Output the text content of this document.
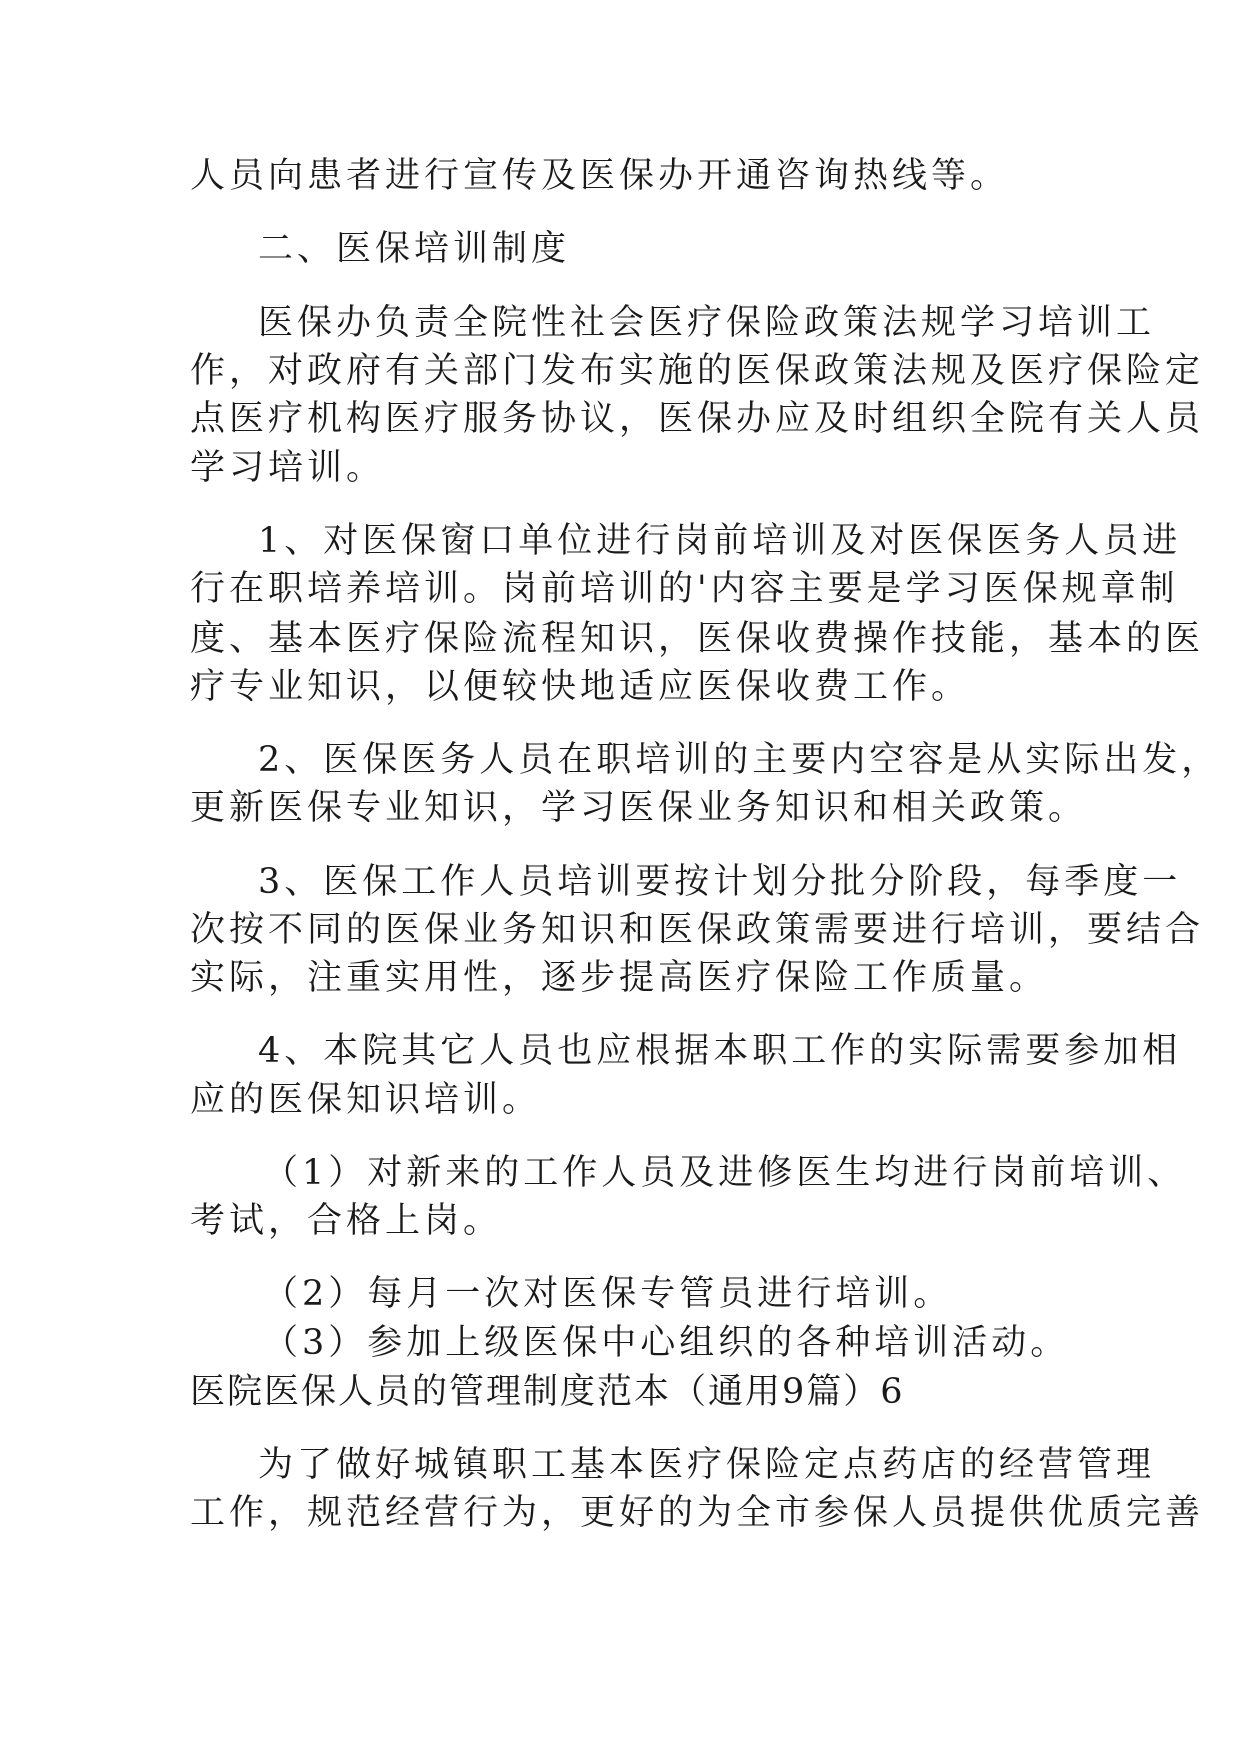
人员向患者进行宣传及医保办开通咨询热线等。
二、医保培训制度
医保办负责全院性社会医疗保险政策法规学习培训工
作，对政府有关部门发布实施的医保政策法规及医疗保险定
点医疗机构医疗服务协议，医保办应及时组织全院有关人员
学习培训。
1、对医保窗口单位进行岗前培训及对医保医务人员进
行在职培养培训。岗前培训的'内容主要是学习医保规章制
度、基本医疗保险流程知识，医保收费操作技能，基本的医
疗专业知识，以便较快地适应医保收费工作。
2、医保医务人员在职培训的主要内空容是从实际出发，
更新医保专业知识，学习医保业务知识和相关政策。
3、医保工作人员培训要按计划分批分阶段，每季度一
次按不同的医保业务知识和医保政策需要进行培训，要结合
实际，注重实用性，逐步提高医疗保险工作质量。
4、本院其它人员也应根据本职工作的实际需要参加相
应的医保知识培训。
（1）对新来的工作人员及进修医生均进行岗前培训、
考试，合格上岗。
（2）每月一次对医保专管员进行培训。
（3）参加上级医保中心组织的各种培训活动。
医院医保人员的管理制度范本（通用9篇）6
为了做好城镇职工基本医疗保险定点药店的经营管理
工作，规范经营行为，更好的为全市参保人员提供优质完善
